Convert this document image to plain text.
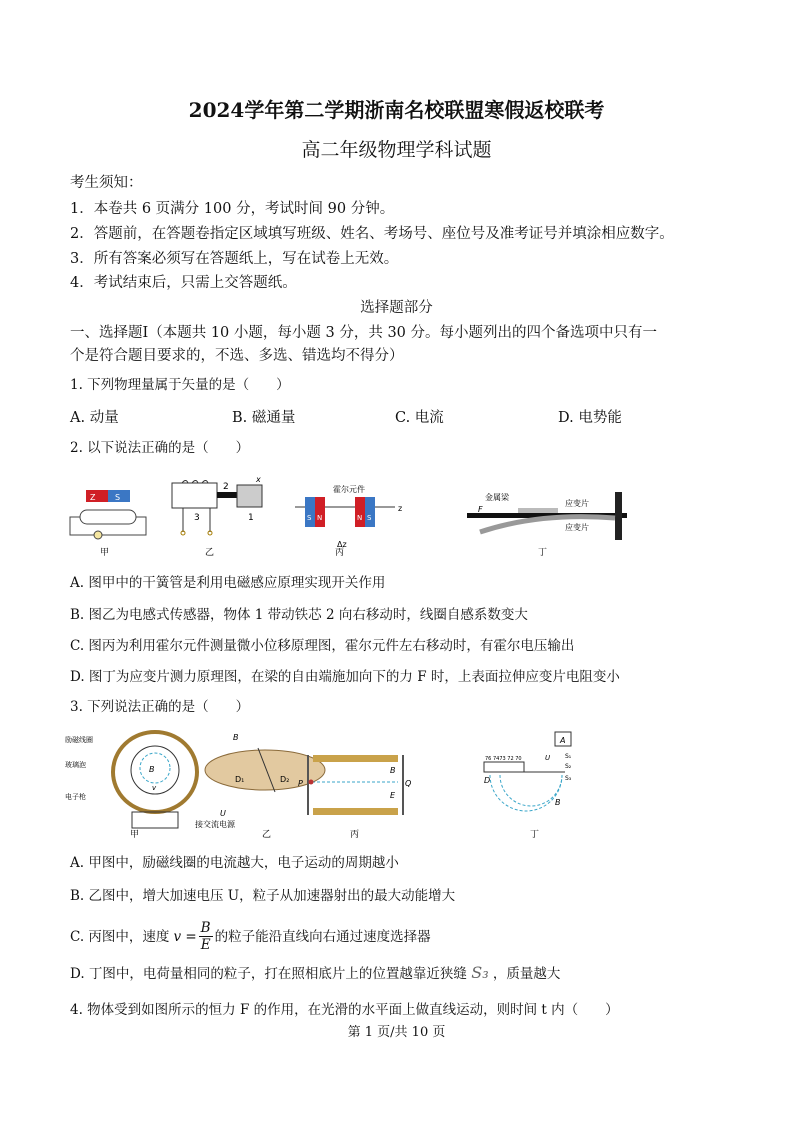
2024学年第二学期浙南名校联盟寒假返校联考
高二年级物理学科试题
考生须知：
1．本卷共 6 页满分 100 分，考试时间 90 分钟。
2．答题前，在答题卷指定区域填写班级、姓名、考场号、座位号及准考证号并填涂相应数字。
3．所有答案必须写在答题纸上，写在试卷上无效。
4．考试结束后，只需上交答题纸。
选择题部分
一、选择题Ⅰ（本题共 10 小题，每小题 3 分，共 30 分。每小题列出的四个备选项中只有一
个是符合题目要求的，不选、多选、错选均不得分）
1. 下列物理量属于矢量的是（　　）
A. 动量	B. 磁通量	C. 电流	D. 电势能
2. 以下说法正确的是（　　）
Z S
2
3	1
x
S N	N S
霍尔元件
Δz
z
金属梁
F
应变片
应变片
甲	乙	丙	丁
A. 图甲中的干簧管是利用电磁感应原理实现开关作用
B. 图乙为电感式传感器，物体 1 带动铁芯 2 向右移动时，线圈自感系数变大
C. 图丙为利用霍尔元件测量微小位移原理图，霍尔元件左右移动时，有霍尔电压输出
D. 图丁为应变片测力原理图，在梁的自由端施加向下的力 F 时，上表面拉伸应变片电阻变小
3. 下列说法正确的是（　　）
励磁线圈
玻璃泡
电子枪
B
v
D₁	D₂
B
U
接交流电源
P	Q
B
E
76 7473 72 70
A
U S₁
S₂
S₃
D
B
甲	乙	丙	丁
A. 甲图中，励磁线圈的电流越大，电子运动的周期越小
B. 乙图中，增大加速电压 U，粒子从加速器射出的最大动能增大
C. 丙图中，速度 $v = \frac{B}{E}$ 的粒子能沿直线向右通过速度选择器
D. 丁图中，电荷量相同的粒子，打在照相底片上的位置越靠近狭缝 S₃ ，质量越大
4. 物体受到如图所示的恒力 F 的作用，在光滑的水平面上做直线运动，则时间 t 内（　　）
第 1 页/共 10 页
